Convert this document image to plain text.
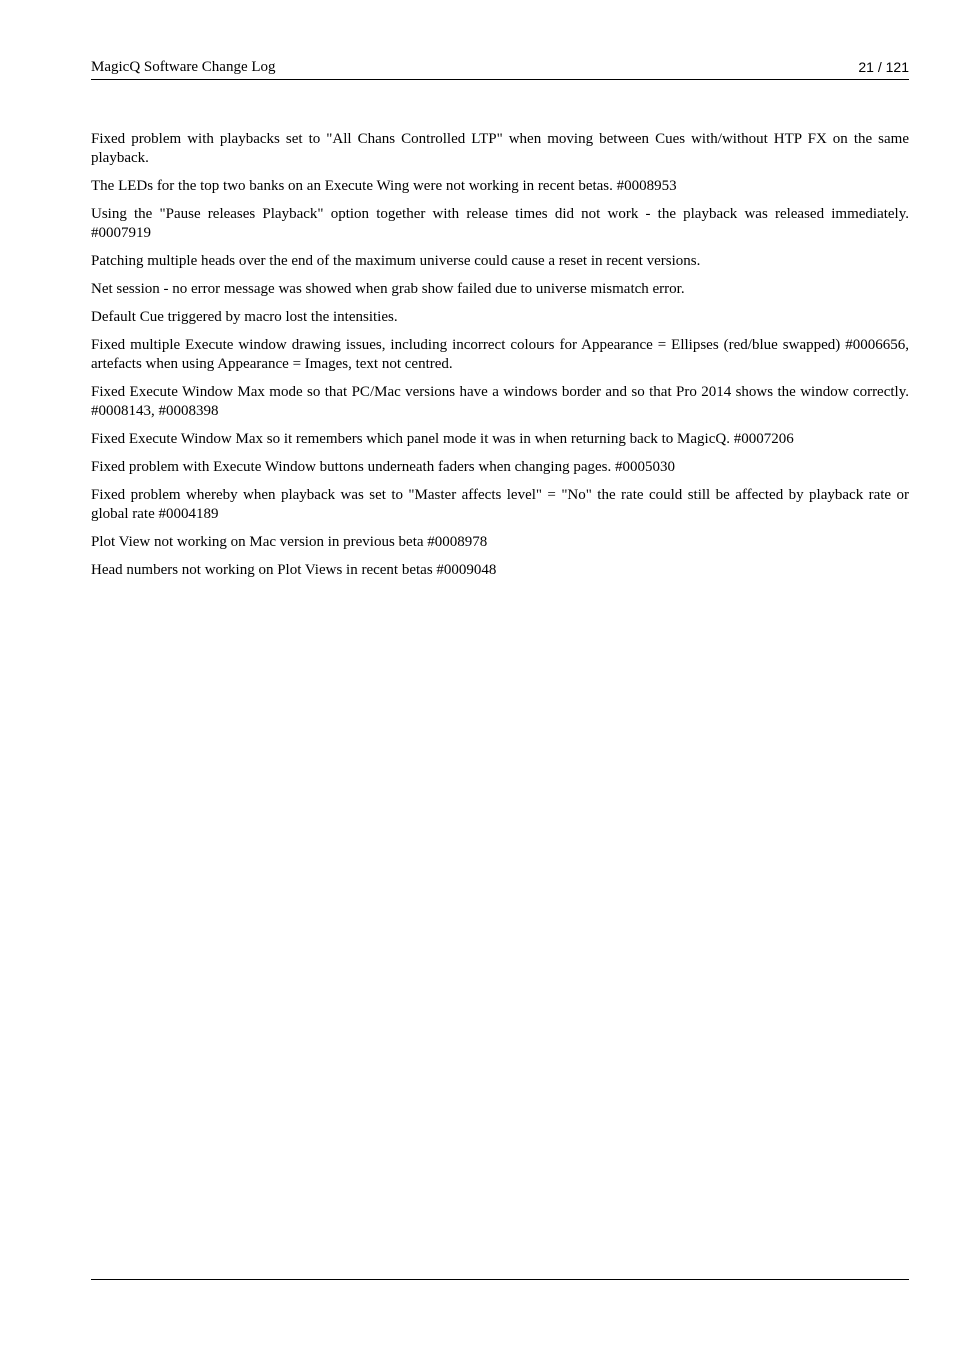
MagicQ Software Change Log	21 / 121

Fixed problem with playbacks set to "All Chans Controlled LTP" when moving between Cues with/without HTP FX on the same playback.

The LEDs for the top two banks on an Execute Wing were not working in recent betas. #0008953

Using the "Pause releases Playback" option together with release times did not work - the playback was released immediately. #0007919

Patching multiple heads over the end of the maximum universe could cause a reset in recent versions.

Net session - no error message was showed when grab show failed due to universe mismatch error.

Default Cue triggered by macro lost the intensities.

Fixed multiple Execute window drawing issues, including incorrect colours for Appearance = Ellipses (red/blue swapped) #0006656, artefacts when using Appearance = Images, text not centred.

Fixed Execute Window Max mode so that PC/Mac versions have a windows border and so that Pro 2014 shows the window correctly. #0008143, #0008398

Fixed Execute Window Max so it remembers which panel mode it was in when returning back to MagicQ. #0007206

Fixed problem with Execute Window buttons underneath faders when changing pages. #0005030

Fixed problem whereby when playback was set to "Master affects level" = "No" the rate could still be affected by playback rate or global rate #0004189

Plot View not working on Mac version in previous beta #0008978

Head numbers not working on Plot Views in recent betas #0009048
